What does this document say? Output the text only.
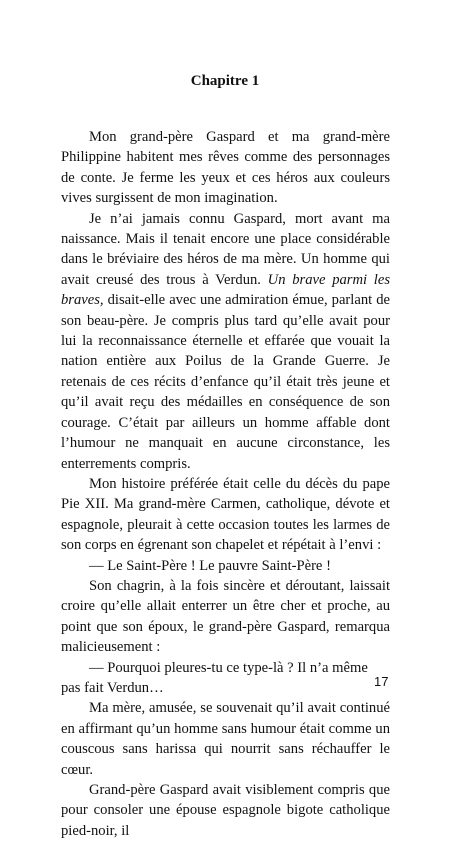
Chapitre 1

Mon grand-père Gaspard et ma grand-mère Philippine habitent mes rêves comme des personnages de conte. Je ferme les yeux et ces héros aux couleurs vives surgissent de mon imagination.

Je n’ai jamais connu Gaspard, mort avant ma naissance. Mais il tenait encore une place considérable dans le bréviaire des héros de ma mère. Un homme qui avait creusé des trous à Verdun. Un brave parmi les braves, disait-elle avec une admiration émue, parlant de son beau-père. Je compris plus tard qu’elle avait pour lui la reconnaissance éternelle et effarée que vouait la nation entière aux Poilus de la Grande Guerre. Je retenais de ces récits d’enfance qu’il était très jeune et qu’il avait reçu des médailles en conséquence de son courage. C’était par ailleurs un homme affable dont l’humour ne manquait en aucune circonstance, les enterrements compris.

Mon histoire préférée était celle du décès du pape Pie XII. Ma grand-mère Carmen, catholique, dévote et espagnole, pleurait à cette occasion toutes les larmes de son corps en égrenant son chapelet et répétait à l’envi :

— Le Saint-Père ! Le pauvre Saint-Père !

Son chagrin, à la fois sincère et déroutant, laissait croire qu’elle allait enterrer un être cher et proche, au point que son époux, le grand-père Gaspard, remarqua malicieusement :

— Pourquoi pleures-tu ce type-là ? Il n’a même pas fait Verdun…

Ma mère, amusée, se souvenait qu’il avait continué en affirmant qu’un homme sans humour était comme un couscous sans harissa qui nourrit sans réchauffer le cœur.

Grand-père Gaspard avait visiblement compris que pour consoler une épouse espagnole bigote catholique pied-noir, il

17
